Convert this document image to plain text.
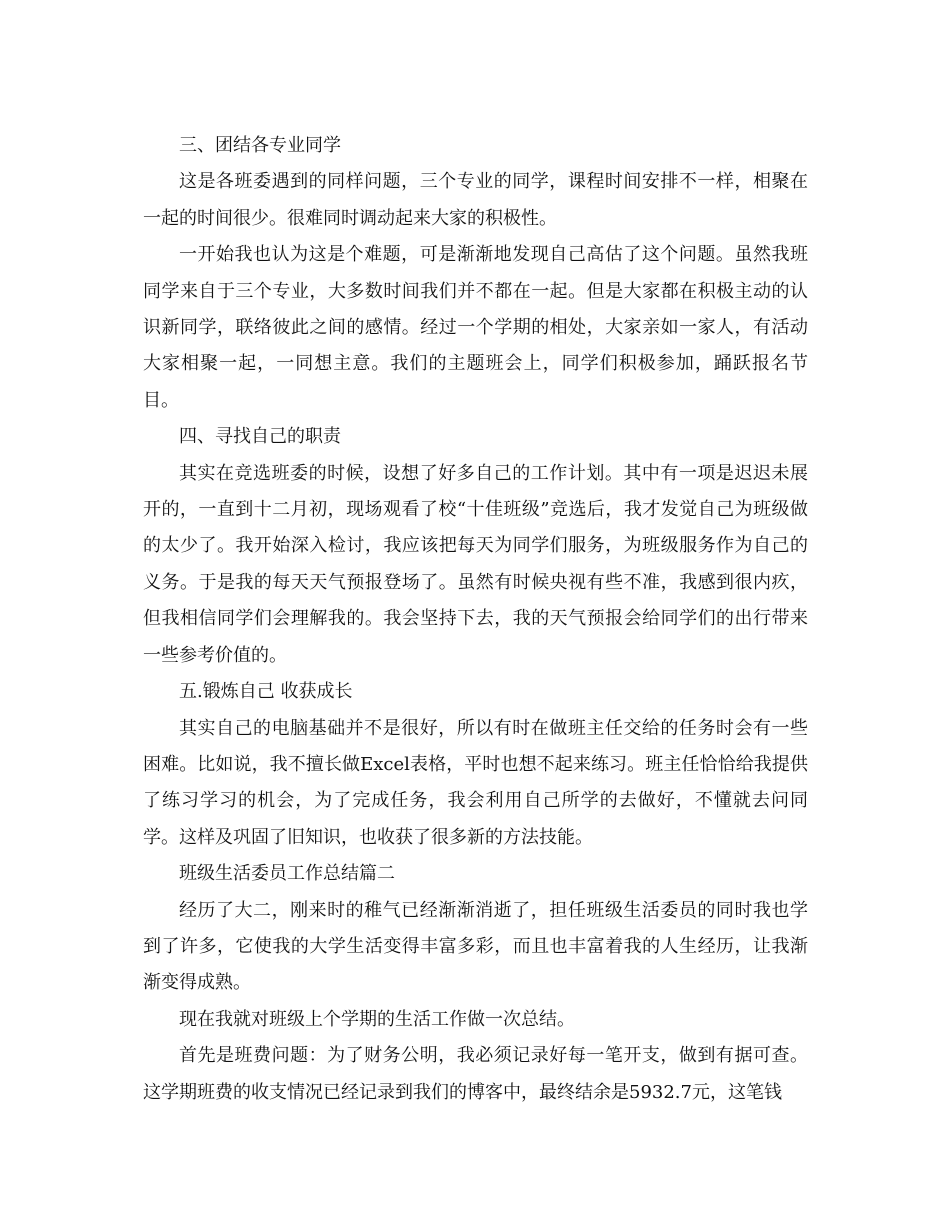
三、团结各专业同学

这是各班委遇到的同样问题，三个专业的同学，课程时间安排不一样，相聚在一起的时间很少。很难同时调动起来大家的积极性。

一开始我也认为这是个难题，可是渐渐地发现自己高估了这个问题。虽然我班同学来自于三个专业，大多数时间我们并不都在一起。但是大家都在积极主动的认识新同学，联络彼此之间的感情。经过一个学期的相处，大家亲如一家人，有活动大家相聚一起，一同想主意。我们的主题班会上，同学们积极参加，踊跃报名节目。

四、寻找自己的职责

其实在竞选班委的时候，设想了好多自己的工作计划。其中有一项是迟迟未展开的，一直到十二月初，现场观看了校“十佳班级”竞选后，我才发觉自己为班级做的太少了。我开始深入检讨，我应该把每天为同学们服务，为班级服务作为自己的义务。于是我的每天天气预报登场了。虽然有时候央视有些不准，我感到很内疚，但我相信同学们会理解我的。我会坚持下去，我的天气预报会给同学们的出行带来一些参考价值的。

五.锻炼自己 收获成长

其实自己的电脑基础并不是很好，所以有时在做班主任交给的任务时会有一些困难。比如说，我不擅长做Excel表格，平时也想不起来练习。班主任恰恰给我提供了练习学习的机会，为了完成任务，我会利用自己所学的去做好，不懂就去问同学。这样及巩固了旧知识，也收获了很多新的方法技能。

班级生活委员工作总结篇二

经历了大二，刚来时的稚气已经渐渐消逝了，担任班级生活委员的同时我也学到了许多，它使我的大学生活变得丰富多彩，而且也丰富着我的人生经历，让我渐渐变得成熟。

现在我就对班级上个学期的生活工作做一次总结。

首先是班费问题：为了财务公明，我必须记录好每一笔开支，做到有据可查。这学期班费的收支情况已经记录到我们的博客中，最终结余是5932.7元，这笔钱
